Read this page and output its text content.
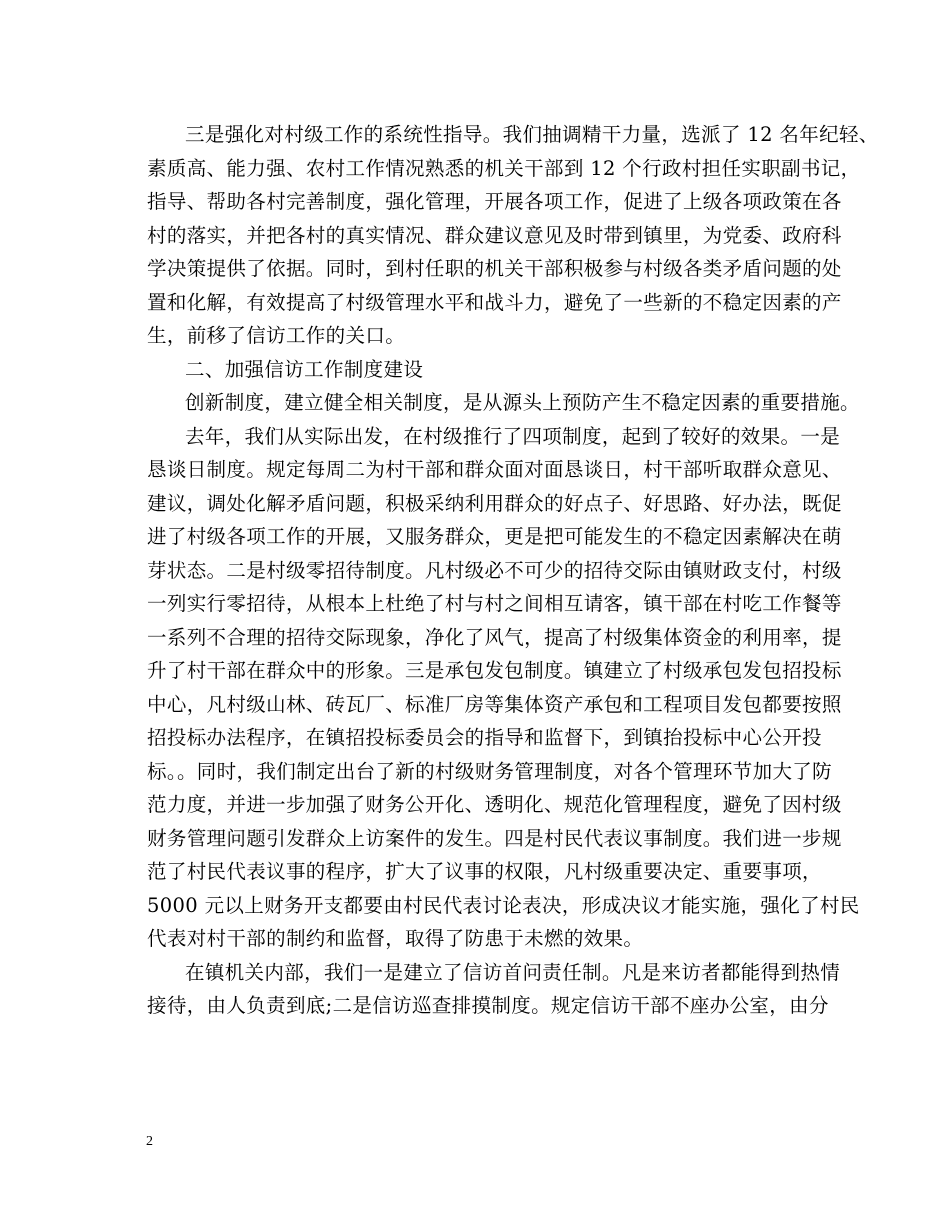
三是强化对村级工作的系统性指导。我们抽调精干力量，选派了 12 名年纪轻、
素质高、能力强、农村工作情况熟悉的机关干部到 12 个行政村担任实职副书记，
指导、帮助各村完善制度，强化管理，开展各项工作，促进了上级各项政策在各
村的落实，并把各村的真实情况、群众建议意见及时带到镇里，为党委、政府科
学决策提供了依据。同时，到村任职的机关干部积极参与村级各类矛盾问题的处
置和化解，有效提高了村级管理水平和战斗力，避免了一些新的不稳定因素的产
生，前移了信访工作的关口。
二、加强信访工作制度建设
创新制度，建立健全相关制度，是从源头上预防产生不稳定因素的重要措施。
去年，我们从实际出发，在村级推行了四项制度，起到了较好的效果。一是
恳谈日制度。规定每周二为村干部和群众面对面恳谈日，村干部听取群众意见、
建议，调处化解矛盾问题，积极采纳利用群众的好点子、好思路、好办法，既促
进了村级各项工作的开展，又服务群众，更是把可能发生的不稳定因素解决在萌
芽状态。二是村级零招待制度。凡村级必不可少的招待交际由镇财政支付，村级
一列实行零招待，从根本上杜绝了村与村之间相互请客，镇干部在村吃工作餐等
一系列不合理的招待交际现象，净化了风气，提高了村级集体资金的利用率，提
升了村干部在群众中的形象。三是承包发包制度。镇建立了村级承包发包招投标
中心，凡村级山林、砖瓦厂、标准厂房等集体资产承包和工程项目发包都要按照
招投标办法程序，在镇招投标委员会的指导和监督下，到镇抬投标中心公开投
标。。同时，我们制定出台了新的村级财务管理制度，对各个管理环节加大了防
范力度，并进一步加强了财务公开化、透明化、规范化管理程度，避免了因村级
财务管理问题引发群众上访案件的发生。四是村民代表议事制度。我们进一步规
范了村民代表议事的程序，扩大了议事的权限，凡村级重要决定、重要事项，
5000 元以上财务开支都要由村民代表讨论表决，形成决议才能实施，强化了村民
代表对村干部的制约和监督，取得了防患于未燃的效果。
在镇机关内部，我们一是建立了信访首问责任制。凡是来访者都能得到热情
接待，由人负责到底;二是信访巡查排摸制度。规定信访干部不座办公室，由分
2
